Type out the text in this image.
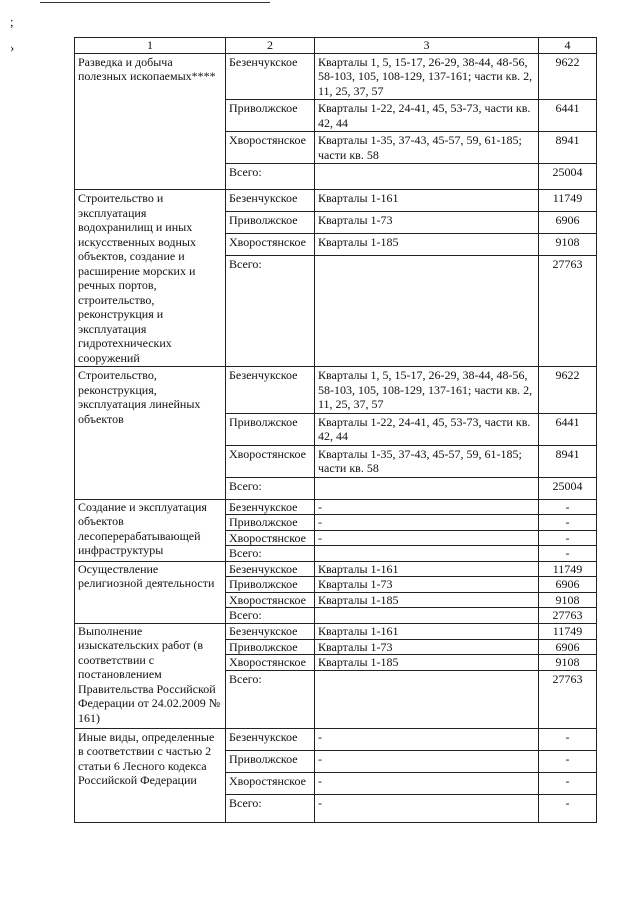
;
›	1	2	3	4
Разведка и добыча полезных ископаемых****	Безенчукское	Кварталы 1, 5, 15-17, 26-29, 38-44, 48-56, 58-103, 105, 108-129, 137-161; части кв. 2, 11, 25, 37, 57	9622
	Приволжское	Кварталы 1-22, 24-41, 45, 53-73, части кв. 42, 44	6441
	Хворостянское	Кварталы 1-35, 37-43, 45-57, 59, 61-185; части кв. 58	8941
	Всего:		25004
Строительство и эксплуатация водохранилищ и иных искусственных водных объектов, создание и расширение морских и речных портов, строительство, реконструкция и эксплуатация гидротехнических сооружений	Безенчукское	Кварталы 1-161	11749
	Приволжское	Кварталы 1-73	6906
	Хворостянское	Кварталы 1-185	9108
	Всего:		27763
Строительство, реконструкция, эксплуатация линейных объектов	Безенчукское	Кварталы 1, 5, 15-17, 26-29, 38-44, 48-56, 58-103, 105, 108-129, 137-161; части кв. 2, 11, 25, 37, 57	9622
	Приволжское	Кварталы 1-22, 24-41, 45, 53-73, части кв. 42, 44	6441
	Хворостянское	Кварталы 1-35, 37-43, 45-57, 59, 61-185; части кв. 58	8941
	Всего:		25004
Создание и эксплуатация объектов лесоперерабатывающей инфраструктуры	Безенчукское	-	-
	Приволжское	-	-
	Хворостянское	-	-
	Всего:		-
Осуществление религиозной деятельности	Безенчукское	Кварталы 1-161	11749
	Приволжское	Кварталы 1-73	6906
	Хворостянское	Кварталы 1-185	9108
	Всего:		27763
Выполнение изыскательских работ (в соответствии с постановлением Правительства Российской Федерации от 24.02.2009 № 161)	Безенчукское	Кварталы 1-161	11749
	Приволжское	Кварталы 1-73	6906
	Хворостянское	Кварталы 1-185	9108
	Всего:		27763
Иные виды, определенные в соответствии с частью 2 статьи 6 Лесного кодекса Российской Федерации	Безенчукское	-	-
	Приволжское	-	-
	Хворостянское	-	-
	Всего:	-	-
